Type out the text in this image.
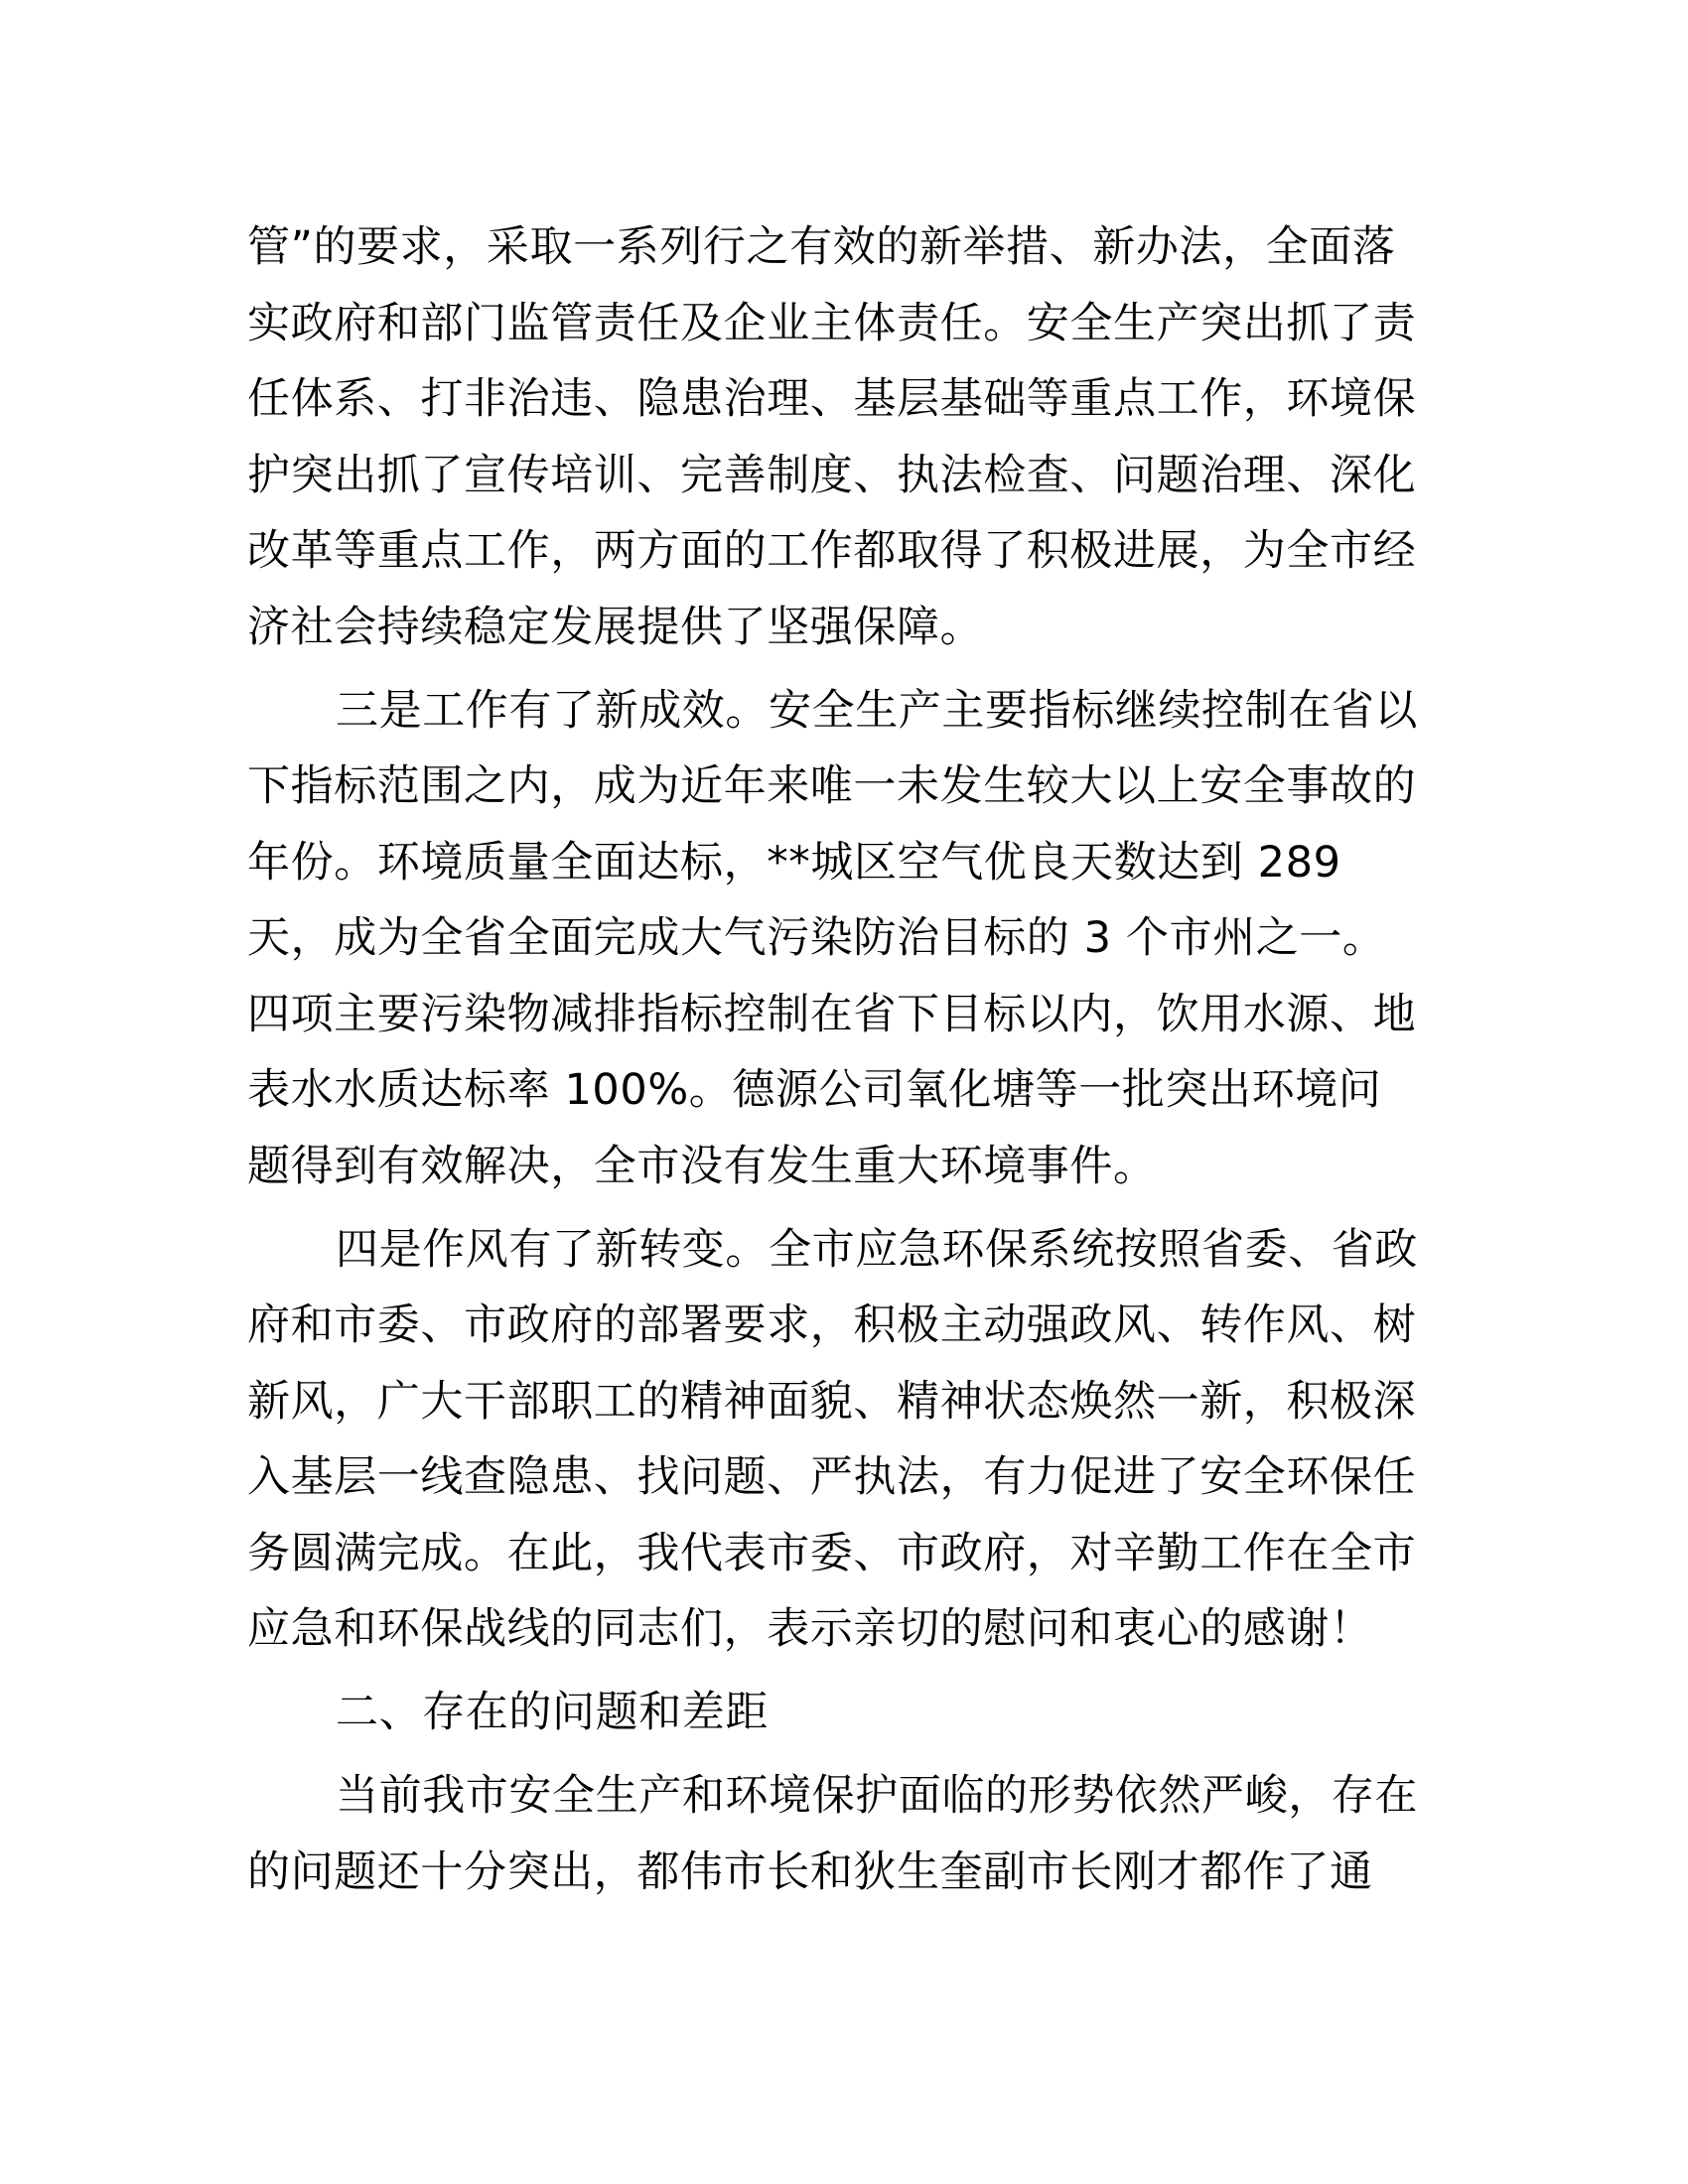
管”的要求，采取一系列行之有效的新举措、新办法，全面落
实政府和部门监管责任及企业主体责任。安全生产突出抓了责
任体系、打非治违、隐患治理、基层基础等重点工作，环境保
护突出抓了宣传培训、完善制度、执法检查、问题治理、深化
改革等重点工作，两方面的工作都取得了积极进展，为全市经
济社会持续稳定发展提供了坚强保障。

三是工作有了新成效。安全生产主要指标继续控制在省以
下指标范围之内，成为近年来唯一未发生较大以上安全事故的
年份。环境质量全面达标，**城区空气优良天数达到 289
天，成为全省全面完成大气污染防治目标的 3 个市州之一。
四项主要污染物减排指标控制在省下目标以内，饮用水源、地
表水水质达标率 100%。德源公司氧化塘等一批突出环境问
题得到有效解决，全市没有发生重大环境事件。

四是作风有了新转变。全市应急环保系统按照省委、省政
府和市委、市政府的部署要求，积极主动强政风、转作风、树
新风，广大干部职工的精神面貌、精神状态焕然一新，积极深
入基层一线查隐患、找问题、严执法，有力促进了安全环保任
务圆满完成。在此，我代表市委、市政府，对辛勤工作在全市
应急和环保战线的同志们，表示亲切的慰问和衷心的感谢！

二、存在的问题和差距

当前我市安全生产和环境保护面临的形势依然严峻，存在
的问题还十分突出，都伟市长和狄生奎副市长刚才都作了通
